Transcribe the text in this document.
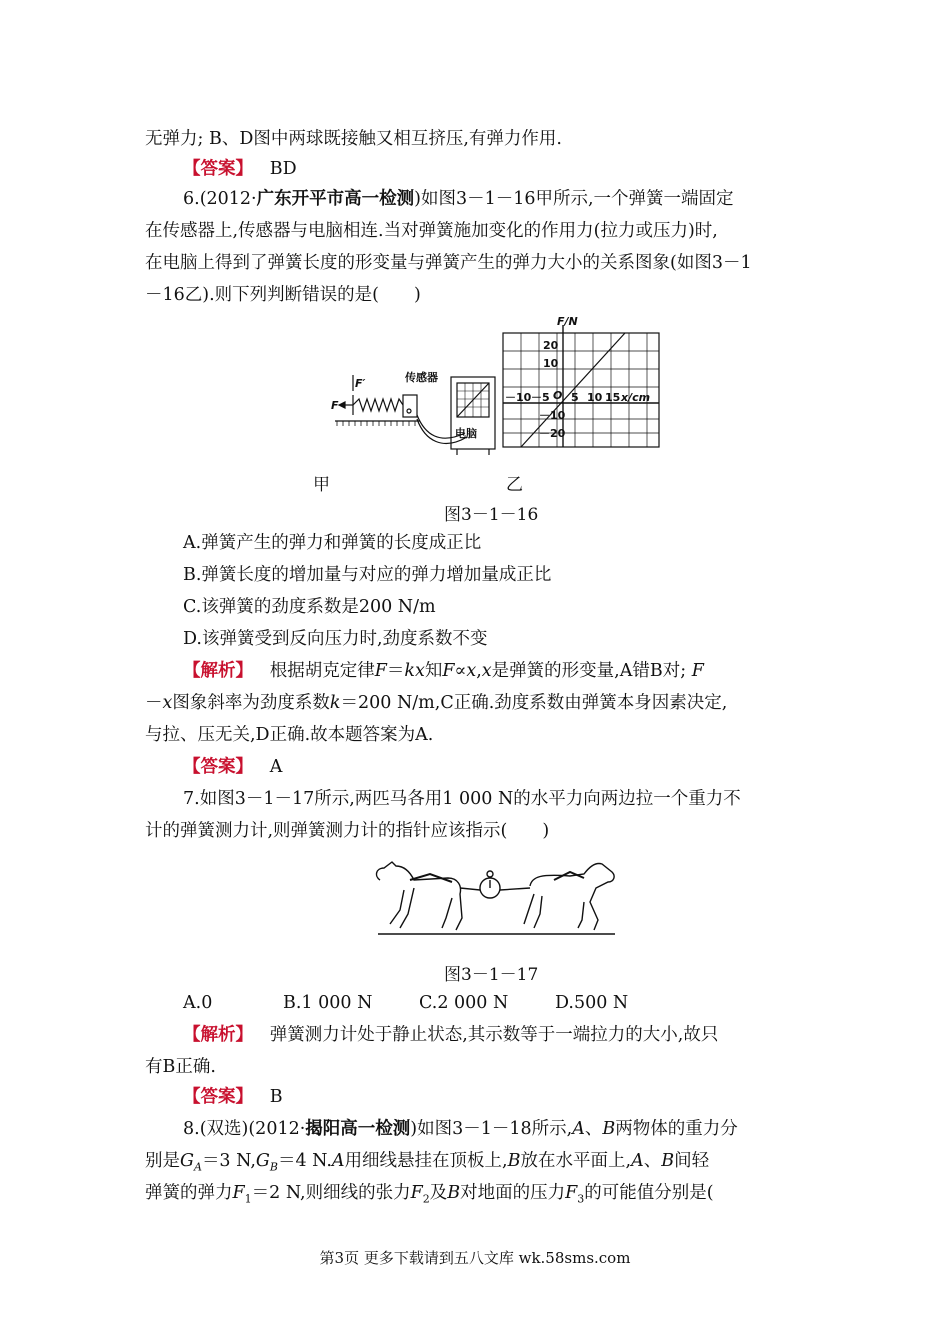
无弹力; B、D图中两球既接触又相互挤压,有弹力作用.
【答案】 BD
6.(2012·广东开平市高一检测)如图3－1－16甲所示,一个弹簧一端固定
在传感器上,传感器与电脑相连.当对弹簧施加变化的作用力(拉力或压力)时,
在电脑上得到了弹簧长度的形变量与弹簧产生的弹力大小的关系图象(如图3－1
－16乙).则下列判断错误的是(　　)
F
F′	传感器
电脑
F/N
x/cm
O
20
10
－10
－20
－10 －5 5 10 15
甲	乙
图3－1－16
A.弹簧产生的弹力和弹簧的长度成正比
B.弹簧长度的增加量与对应的弹力增加量成正比
C.该弹簧的劲度系数是200 N/m
D.该弹簧受到反向压力时,劲度系数不变
【解析】 根据胡克定律F＝kx知F∝x,x是弹簧的形变量,A错B对; F
－x图象斜率为劲度系数k＝200 N/m,C正确.劲度系数由弹簧本身因素决定,
与拉、压无关,D正确.故本题答案为A.
【答案】 A
7.如图3－1－17所示,两匹马各用1 000 N的水平力向两边拉一个重力不
计的弹簧测力计,则弹簧测力计的指针应该指示(　　)
图3－1－17
A.0	B.1 000 N	C.2 000 N	D.500 N
【解析】 弹簧测力计处于静止状态,其示数等于一端拉力的大小,故只
有B正确.
【答案】 B
8.(双选)(2012·揭阳高一检测)如图3－1－18所示,A、B两物体的重力分
别是$G_A=3$ $N,G_B=4$ N.A用细线悬挂在顶板上,B放在水平面上,A、B间轻
弹簧的弹力$F_1=2$ N,则细线的张力$F_2$及B对地面的压力$F_3$的可能值分别是(
第3页 更多下载请到五八文库 wk.58sms.com
